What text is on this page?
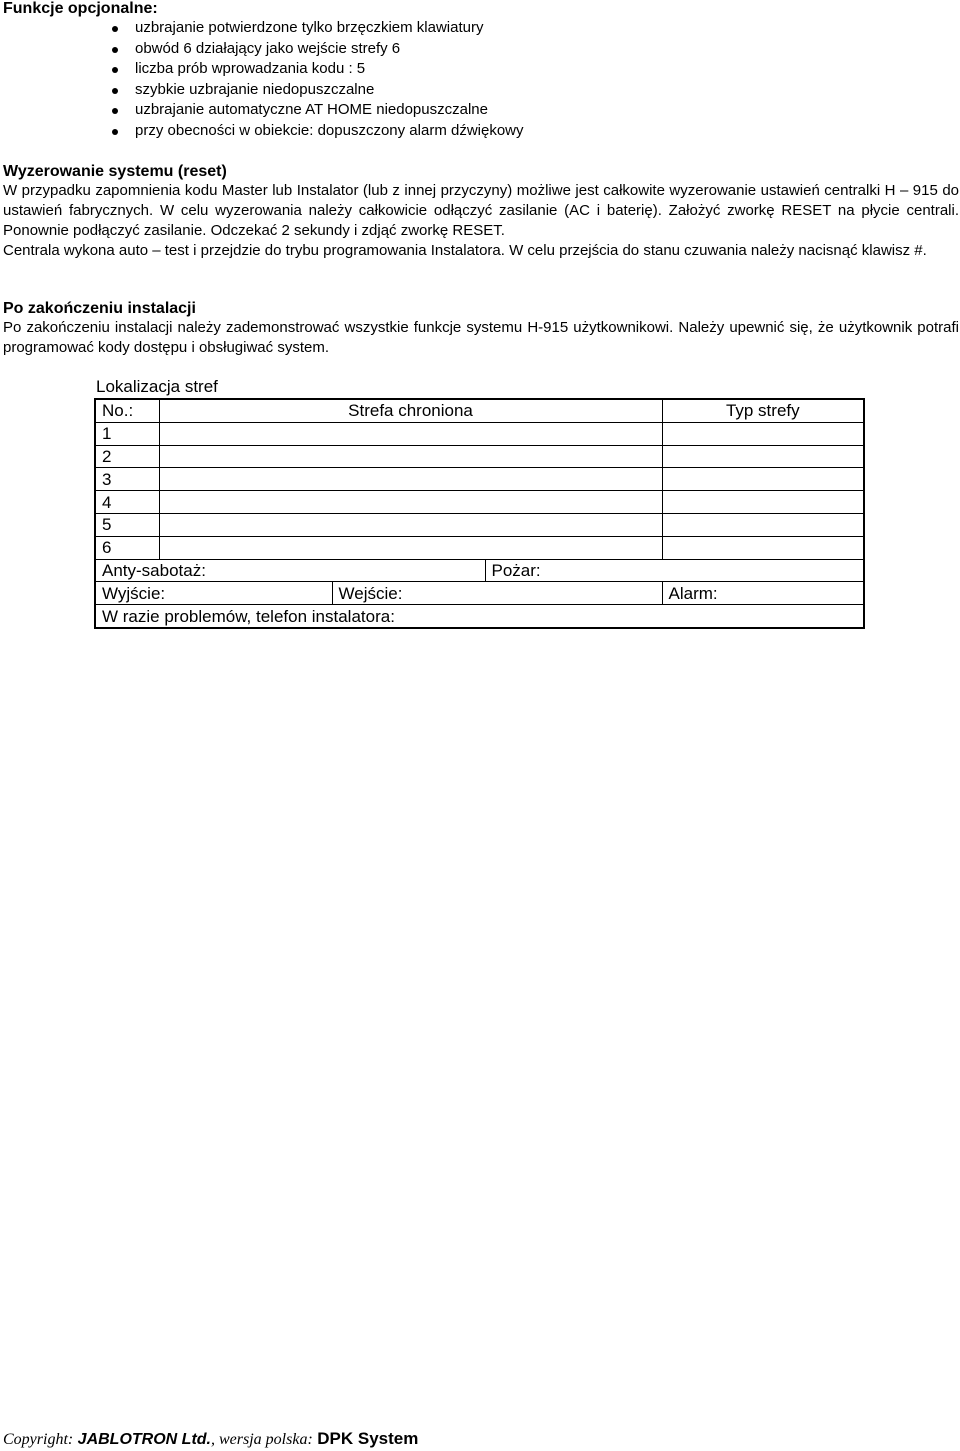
Funkcje opcjonalne:
uzbrajanie potwierdzone tylko brzęczkiem klawiatury
obwód 6 działający jako wejście strefy 6
liczba prób wprowadzania kodu : 5
szybkie uzbrajanie niedopuszczalne
uzbrajanie automatyczne AT HOME niedopuszczalne
przy obecności w obiekcie: dopuszczony alarm dźwiękowy
Wyzerowanie systemu (reset)

W przypadku zapomnienia kodu Master lub Instalator (lub z innej przyczyny) możliwe jest całkowite wyzerowanie ustawień centralki H – 915 do ustawień fabrycznych. W celu wyzerowania należy całkowicie odłączyć zasilanie (AC i baterię). Założyć zworkę RESET na płycie centrali. Ponownie podłączyć zasilanie. Odczekać 2 sekundy i zdjąć zworkę RESET.

Centrala wykona auto – test i przejdzie do trybu programowania Instalatora. W celu przejścia do stanu czuwania należy nacisnąć klawisz #.

Po zakończeniu instalacji

Po zakończeniu instalacji należy zademonstrować wszystkie funkcje systemu H-915 użytkownikowi. Należy upewnić się, że użytkownik potrafi programować kody dostępu i obsługiwać system.

Lokalizacja stref
No.:	Strefa chroniona			Typ strefy
1				
2				
3				
4				
5				
6				
Anty-sabotaż:			Pożar:	
Wyjście:		Wejście:		Alarm:
W razie problemów, telefon instalatora:				
Copyright: JABLOTRON Ltd., wersja polska: DPK System
